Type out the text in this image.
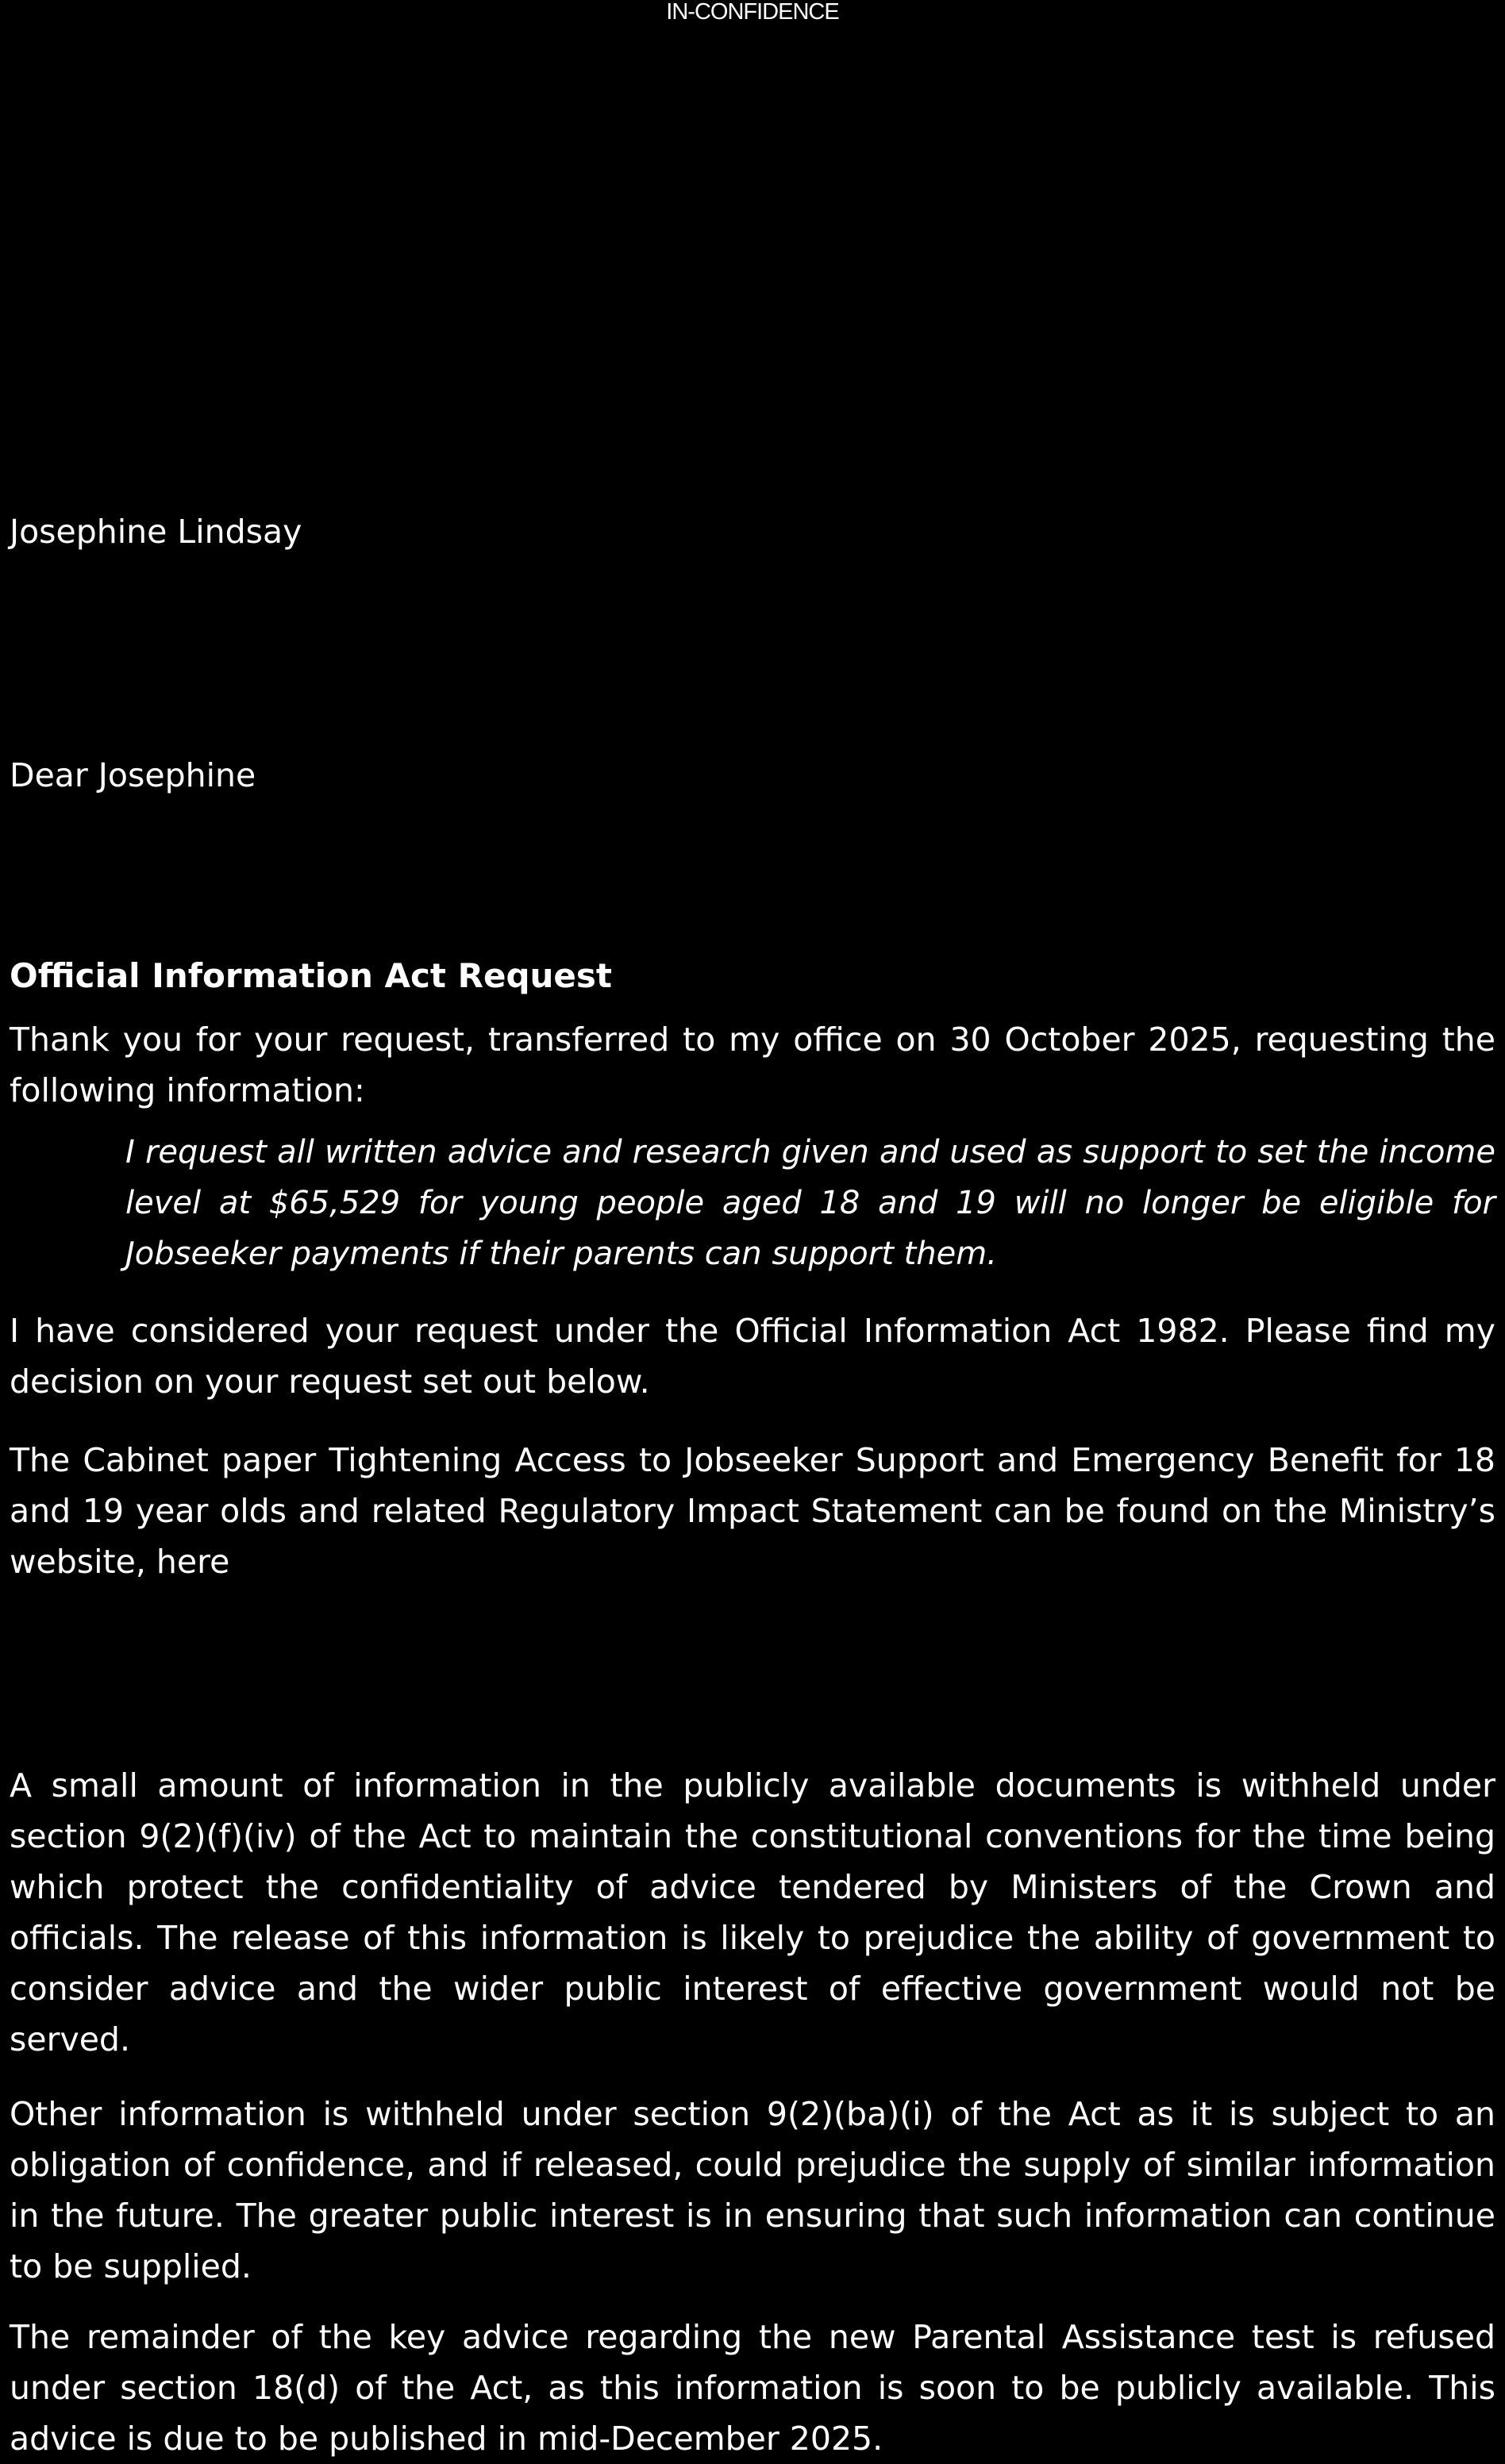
IN-CONFIDENCE
Josephine Lindsay
Dear Josephine
Official Information Act Request

Thank you for your request, transferred to my office on 30 October 2025, requesting the following information:

I request all written advice and research given and used as support to set the income level at $65,529 for young people aged 18 and 19 will no longer be eligible for Jobseeker payments if their parents can support them.

I have considered your request under the Official Information Act 1982. Please find my decision on your request set out below.

The Cabinet paper Tightening Access to Jobseeker Support and Emergency Benefit for 18 and 19 year olds and related Regulatory Impact Statement can be found on the Ministry’s website, here

A small amount of information in the publicly available documents is withheld under section 9(2)(f)(iv) of the Act to maintain the constitutional conventions for the time being which protect the confidentiality of advice tendered by Ministers of the Crown and officials. The release of this information is likely to prejudice the ability of government to consider advice and the wider public interest of effective government would not be served.

Other information is withheld under section 9(2)(ba)(i) of the Act as it is subject to an obligation of confidence, and if released, could prejudice the supply of similar information in the future. The greater public interest is in ensuring that such information can continue to be supplied.

The remainder of the key advice regarding the new Parental Assistance test is refused under section 18(d) of the Act, as this information is soon to be publicly available. This advice is due to be published in mid-December 2025.
